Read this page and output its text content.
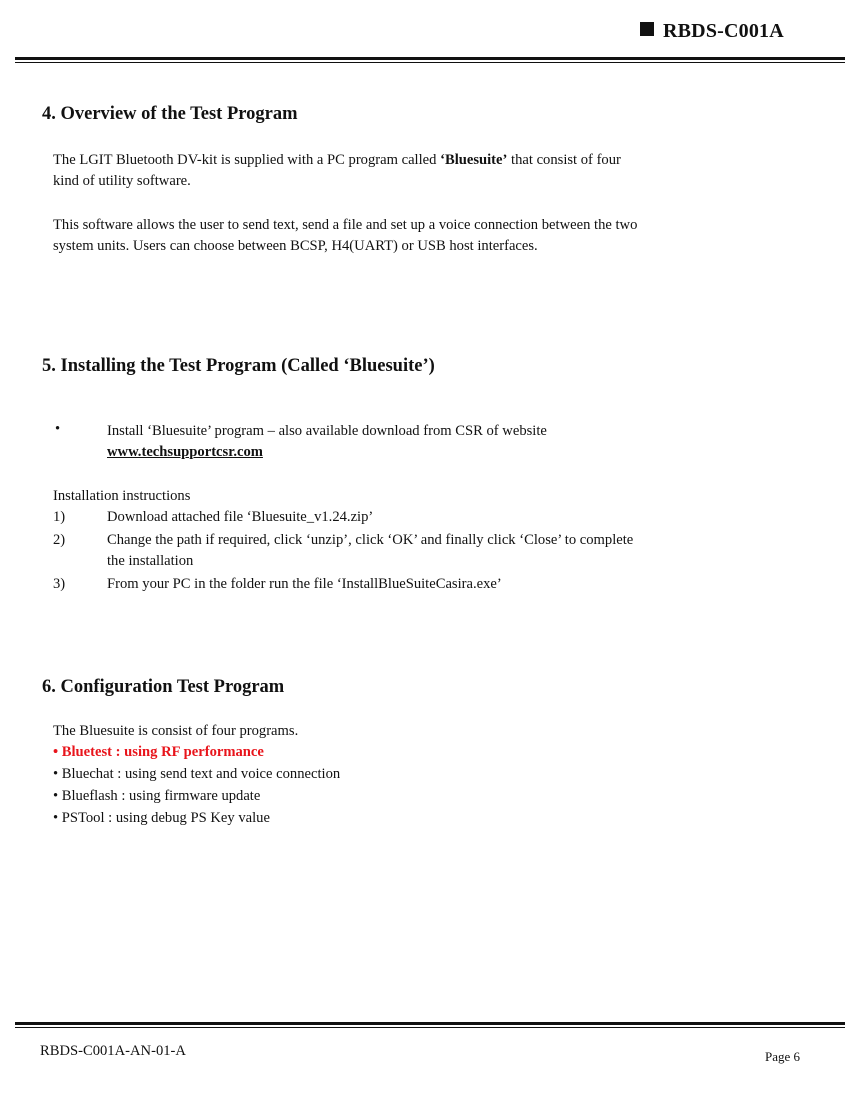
RBDS-C001A
4. Overview of the Test Program
The LGIT Bluetooth DV-kit is supplied with a PC program called ‘Bluesuite’ that consist of four
kind of utility software.
This software allows the user to send text, send a file and set up a voice connection between the two
system units. Users can choose between BCSP, H4(UART) or USB host interfaces.
5. Installing the Test Program (Called ‘Bluesuite’)
•	Install ‘Bluesuite’ program – also available download from CSR of website
www.techsupportcsr.com
Installation instructions
1)	Download attached file ‘Bluesuite_v1.24.zip’
2)	Change the path if required, click ‘unzip’, click ‘OK’ and finally click ‘Close’ to complete
the installation
3)	From your PC in the folder run the file ‘InstallBlueSuiteCasira.exe’
6. Configuration Test Program
The Bluesuite is consist of four programs.
• Bluetest : using RF performance
• Bluechat : using send text and voice connection
• Blueflash : using firmware update
• PSTool : using debug PS Key value
RBDS-C001A-AN-01-A	Page 6
